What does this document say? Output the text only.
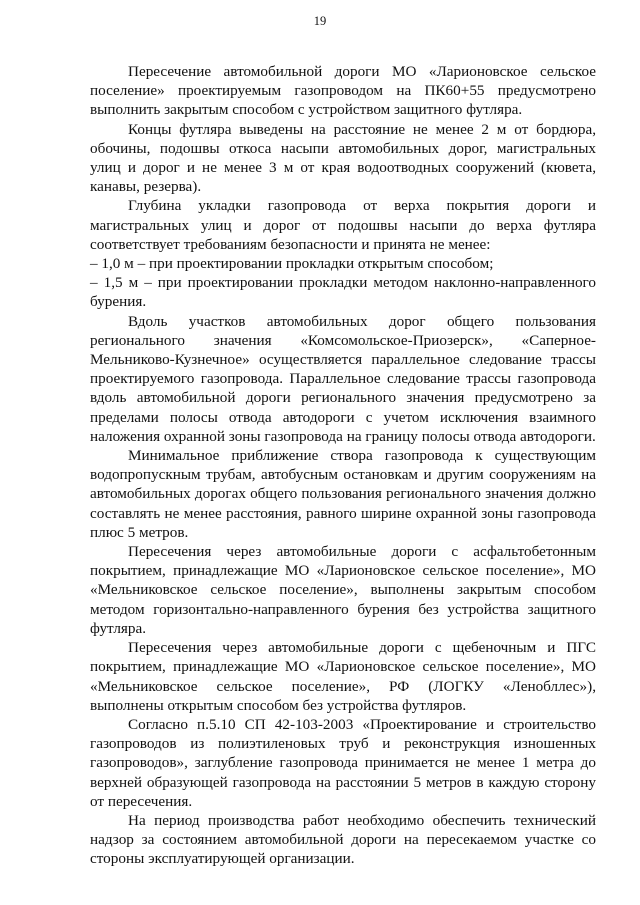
19

Пересечение автомобильной дороги МО «Ларионовское сельское поселение» проектируемым газопроводом на ПК60+55 предусмотрено выполнить закрытым способом с устройством защитного футляра.

Концы футляра выведены на расстояние не менее 2 м от бордюра, обочины, подошвы откоса насыпи автомобильных дорог, магистральных улиц и дорог и не менее 3 м от края водоотводных сооружений (кювета, канавы, резерва).

Глубина укладки газопровода от верха покрытия дороги и магистральных улиц и дорог от подошвы насыпи до верха футляра соответствует требованиям безопасности и принята не менее:

– 1,0 м – при проектировании прокладки открытым способом;

– 1,5 м – при проектировании прокладки методом наклонно-направленного бурения.

Вдоль участков автомобильных дорог общего пользования регионального значения «Комсомольское-Приозерск», «Саперное-Мельниково-Кузнечное» осуществляется параллельное следование трассы проектируемого газопровода. Параллельное следование трассы газопровода вдоль автомобильной дороги регионального значения предусмотрено за пределами полосы отвода автодороги с учетом исключения взаимного наложения охранной зоны газопровода на границу полосы отвода автодороги.

Минимальное приближение створа газопровода к существующим водопропускным трубам, автобусным остановкам и другим сооружениям на автомобильных дорогах общего пользования регионального значения должно составлять не менее расстояния, равного ширине охранной зоны газопровода плюс 5 метров.

Пересечения через автомобильные дороги с асфальтобетонным покрытием, принадлежащие МО «Ларионовское сельское поселение», МО «Мельниковское сельское поселение», выполнены закрытым способом методом горизонтально-направленного бурения без устройства защитного футляра.

Пересечения через автомобильные дороги с щебеночным и ПГС покрытием, принадлежащие МО «Ларионовское сельское поселение», МО «Мельниковское сельское поселение», РФ (ЛОГКУ «Ленобллес»), выполнены открытым способом без устройства футляров.

Согласно п.5.10 СП 42-103-2003 «Проектирование и строительство газопроводов из полиэтиленовых труб и реконструкция изношенных газопроводов», заглубление газопровода принимается не менее 1 метра до верхней образующей газопровода на расстоянии 5 метров в каждую сторону от пересечения.

На период производства работ необходимо обеспечить технический надзор за состоянием автомобильной дороги на пересекаемом участке со стороны эксплуатирующей организации.
